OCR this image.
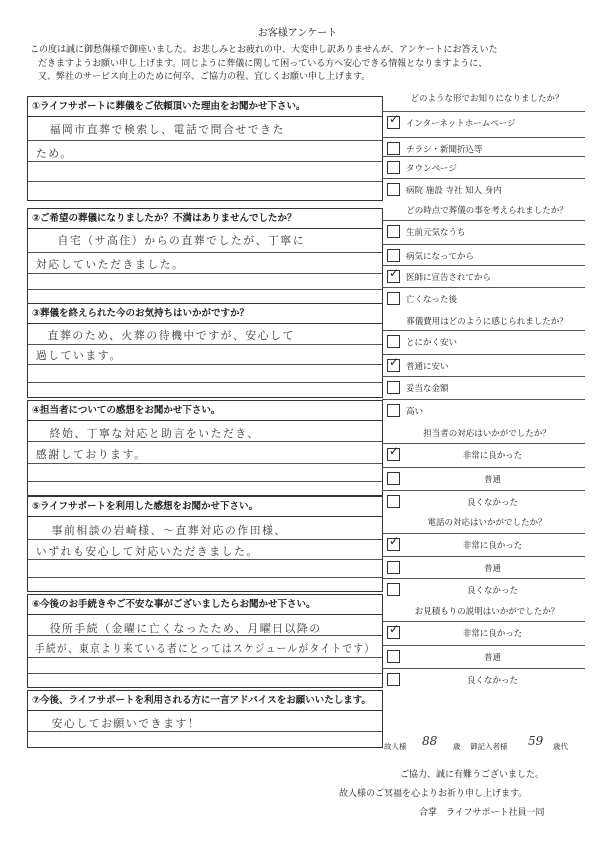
お客様アンケート
この度は誠に御愁傷様で御座いました。お悲しみとお疲れの中、大変申し訳ありませんが、アンケートにお答えいた
だきますようお願い申し上げます。同じように葬儀に関して困っている方へ安心できる情報となりますように、
又、弊社のサービス向上のために何卒、ご協力の程、宜しくお願い申し上げます。
①ライフサポートに葬儀をご依頼頂いた理由をお聞かせ下さい。
福岡市直葬で検索し、電話で問合せできた
ため。
②ご希望の葬儀になりましたか？不満はありませんでしたか？
自宅（サ高住）からの直葬でしたが、丁寧に
対応していただきました。
③葬儀を終えられた今のお気持ちはいかがですか？
直葬のため、火葬の待機中ですが、安心して
過しています。
④担当者についての感想をお聞かせ下さい。
終始、丁寧な対応と助言をいただき、
感謝しております。
⑤ライフサポートを利用した感想をお聞かせ下さい。
事前相談の岩崎様、～直葬対応の作田様、
いずれも安心して対応いただきました。
⑥今後のお手続きやご不安な事がございましたらお聞かせ下さい。
役所手続（金曜に亡くなったため、月曜日以降の
手続が、東京より来ている者にとってはスケジュールがタイトです）
⑦今後、ライフサポートを利用される方に一言アドバイスをお願いいたします。
安心してお願いできます！
どのような形でお知りになりましたか？
✓ インターネットホームページ
チラシ・新聞折込等
タウンページ
病院 施設 寺社 知人 身内
どの時点で葬儀の事を考えられましたか？
生前元気なうち
病気になってから
✓ 医師に宣告されてから
亡くなった後
葬儀費用はどのように感じられましたか？
とにかく安い
✓ 普通に安い
妥当な金額
高い
担当者の対応はいかがでしたか？
✓	非常に良かった
普通
良くなかった
電話の対応はいかがでしたか？
✓	非常に良かった
普通
良くなかった
お見積もりの説明はいかがでしたか？
✓	非常に良かった
普通
良くなかった
故人様 88 歳 御記入者様 59 歳代
ご協力、誠に有難うございました。
故人様のご冥福を心よりお祈り申し上げます。
合掌　ライフサポート社員一同
